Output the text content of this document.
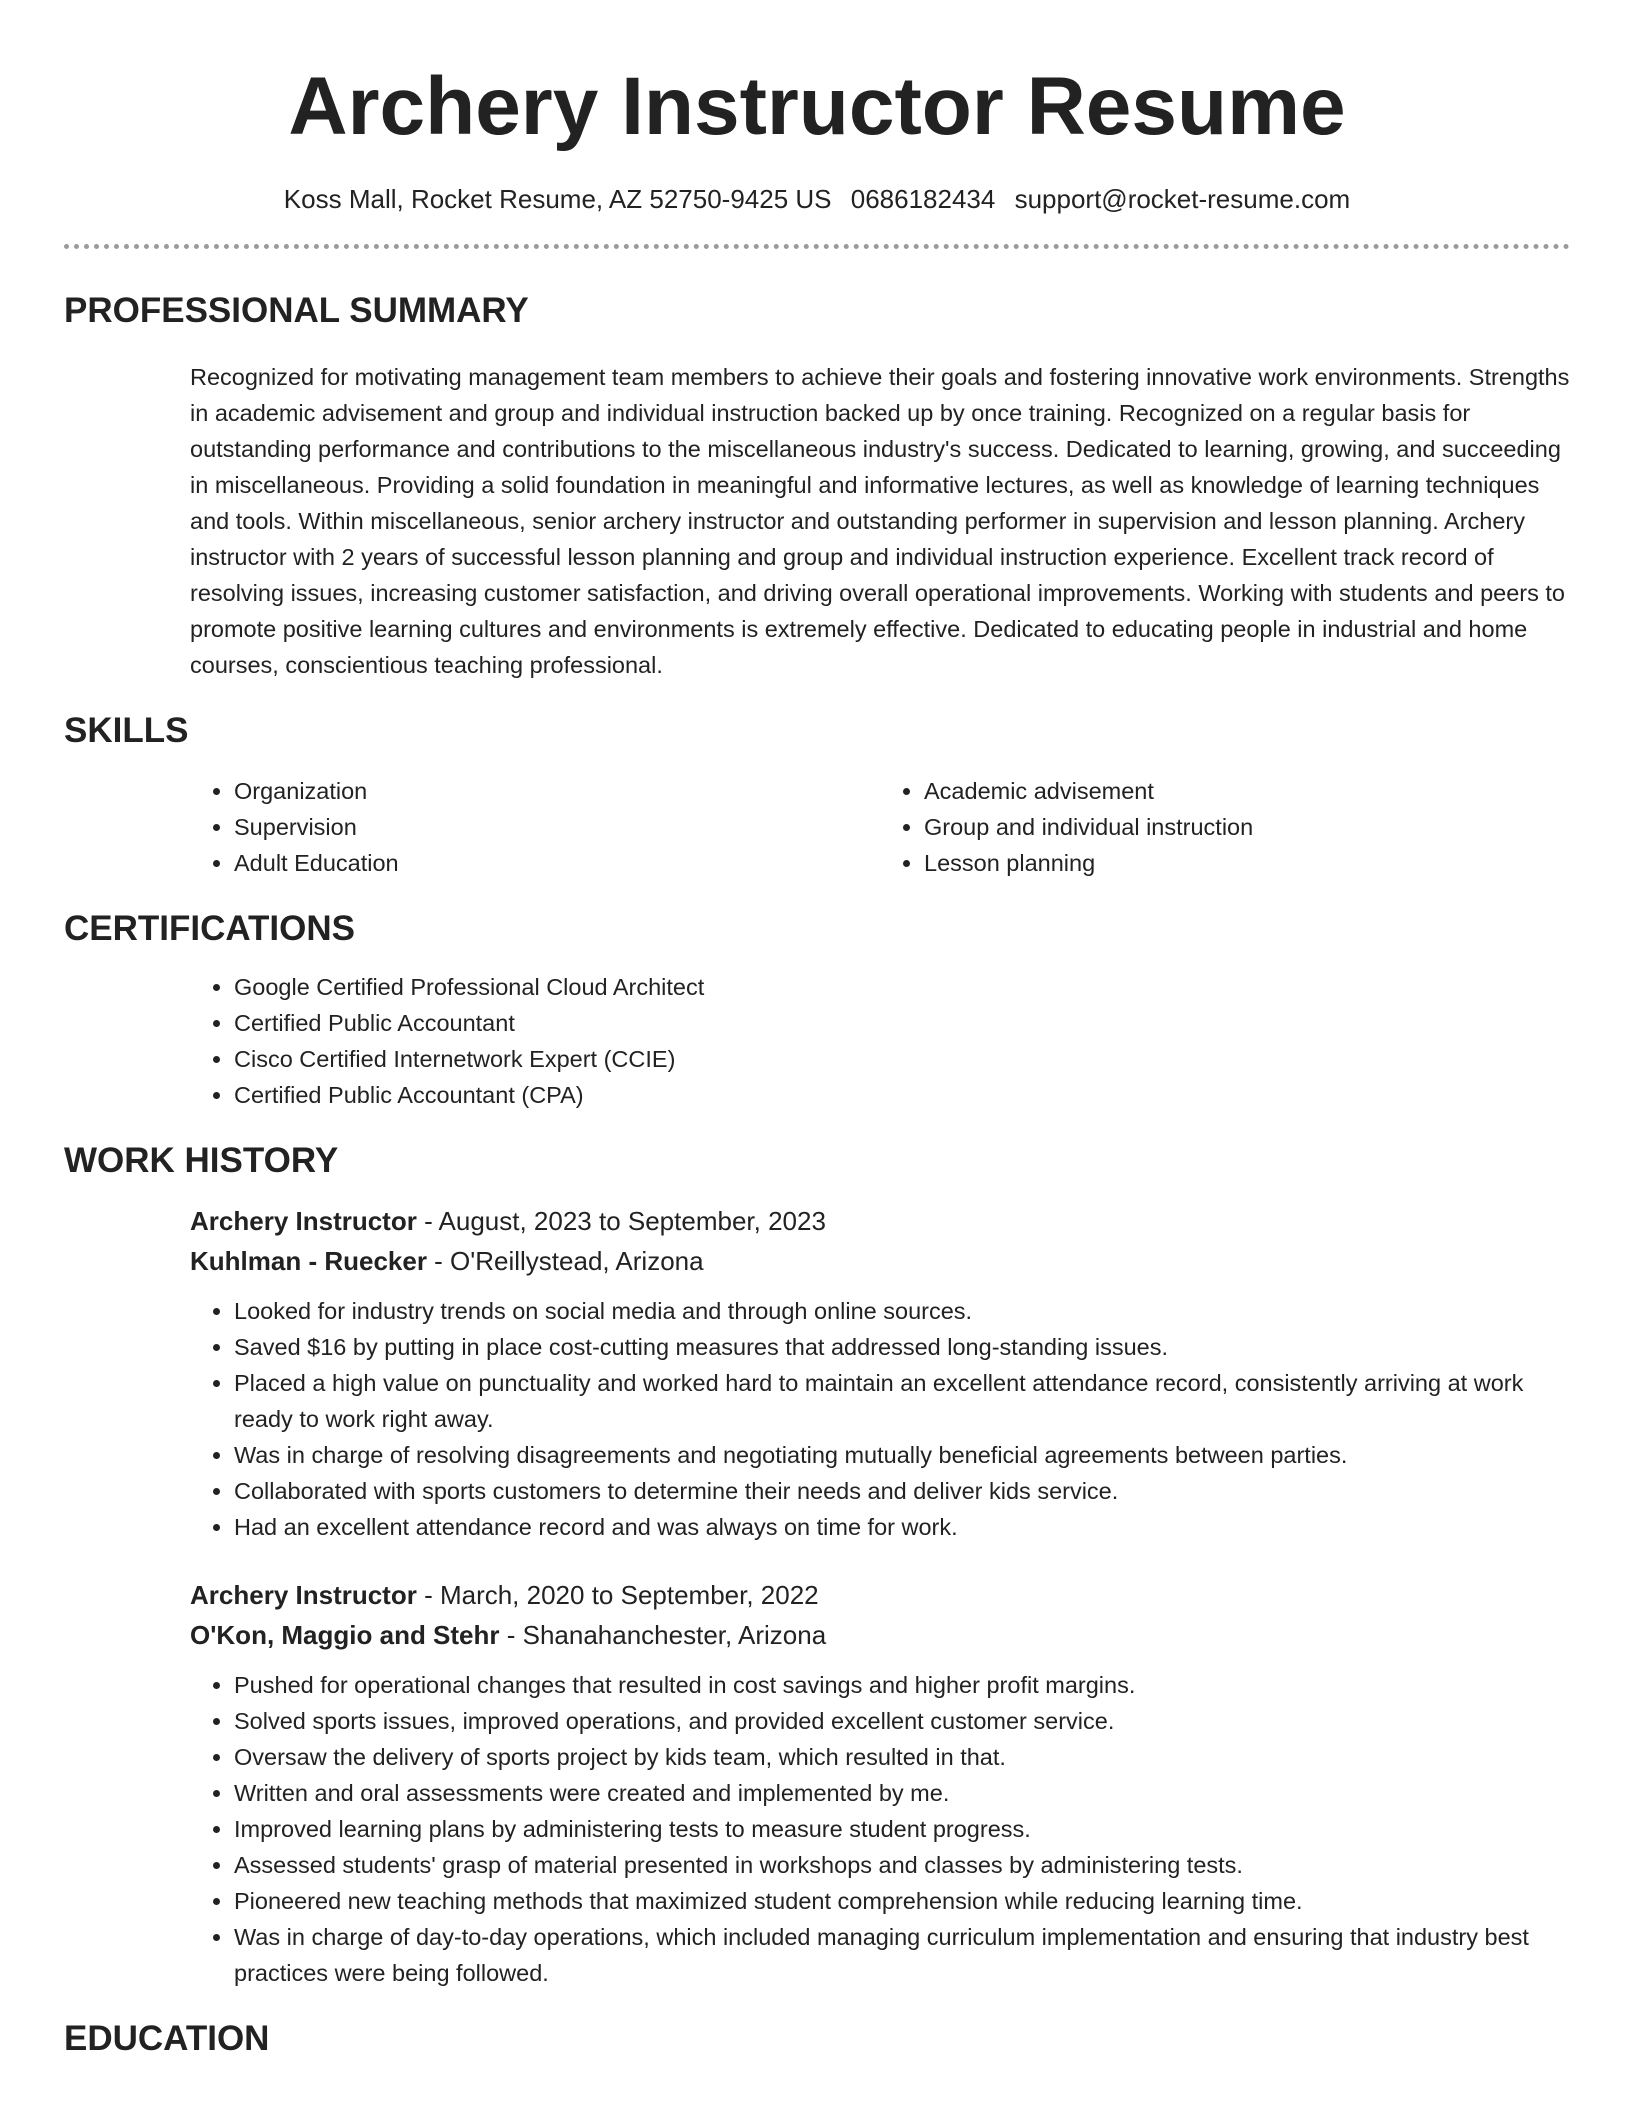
Archery Instructor Resume
Koss Mall, Rocket Resume, AZ 52750-9425 US 0686182434 support@rocket-resume.com
PROFESSIONAL SUMMARY

Recognized for motivating management team members to achieve their goals and fostering innovative work environments. Strengths in academic advisement and group and individual instruction backed up by once training. Recognized on a regular basis for outstanding performance and contributions to the miscellaneous industry's success. Dedicated to learning, growing, and succeeding in miscellaneous. Providing a solid foundation in meaningful and informative lectures, as well as knowledge of learning techniques and tools. Within miscellaneous, senior archery instructor and outstanding performer in supervision and lesson planning. Archery instructor with 2 years of successful lesson planning and group and individual instruction experience. Excellent track record of resolving issues, increasing customer satisfaction, and driving overall operational improvements. Working with students and peers to promote positive learning cultures and environments is extremely effective. Dedicated to educating people in industrial and home courses, conscientious teaching professional.

SKILLS
• Organization
• Supervision
• Adult Education
• Academic advisement
• Group and individual instruction
• Lesson planning
CERTIFICATIONS
• Google Certified Professional Cloud Architect
• Certified Public Accountant
• Cisco Certified Internetwork Expert (CCIE)
• Certified Public Accountant (CPA)
WORK HISTORY
Archery Instructor - August, 2023 to September, 2023
Kuhlman - Ruecker - O'Reillystead, Arizona
• Looked for industry trends on social media and through online sources.
• Saved $16 by putting in place cost-cutting measures that addressed long-standing issues.
• Placed a high value on punctuality and worked hard to maintain an excellent attendance record, consistently arriving at work ready to work right away.
• Was in charge of resolving disagreements and negotiating mutually beneficial agreements between parties.
• Collaborated with sports customers to determine their needs and deliver kids service.
• Had an excellent attendance record and was always on time for work.
Archery Instructor - March, 2020 to September, 2022
O'Kon, Maggio and Stehr - Shanahanchester, Arizona
• Pushed for operational changes that resulted in cost savings and higher profit margins.
• Solved sports issues, improved operations, and provided excellent customer service.
• Oversaw the delivery of sports project by kids team, which resulted in that.
• Written and oral assessments were created and implemented by me.
• Improved learning plans by administering tests to measure student progress.
• Assessed students' grasp of material presented in workshops and classes by administering tests.
• Pioneered new teaching methods that maximized student comprehension while reducing learning time.
• Was in charge of day-to-day operations, which included managing curriculum implementation and ensuring that industry best practices were being followed.
EDUCATION
